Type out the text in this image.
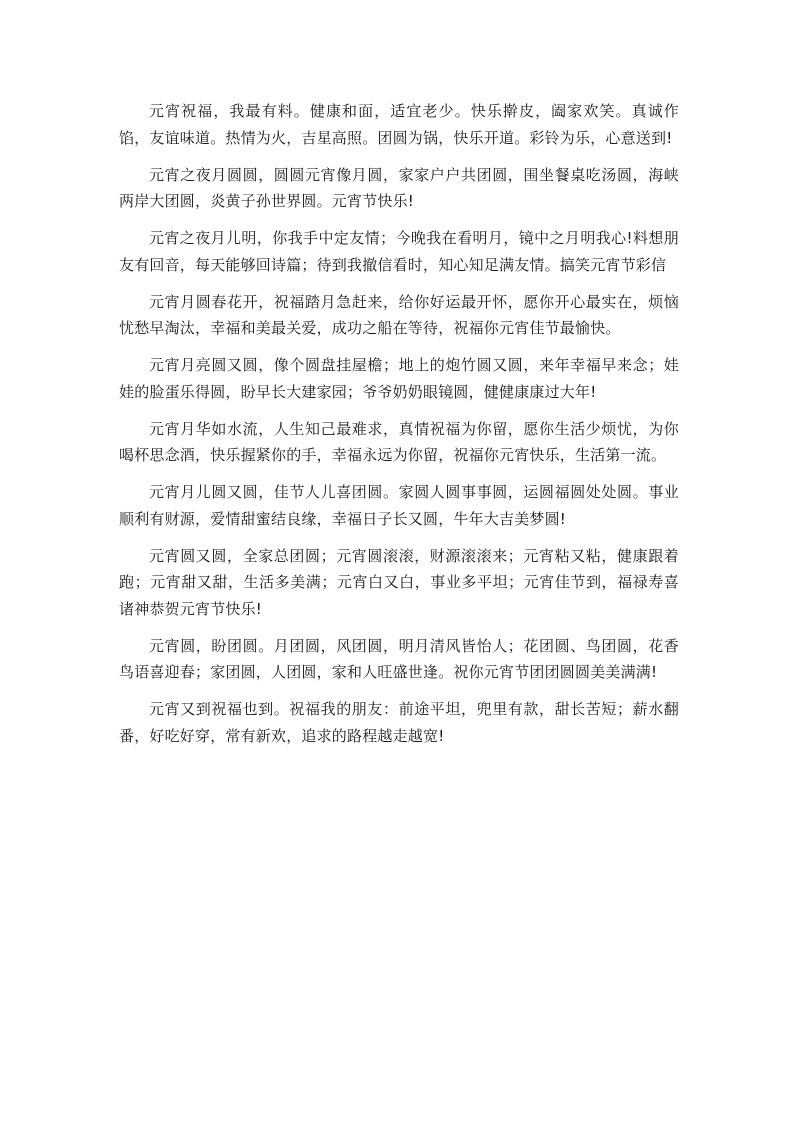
元宵祝福，我最有料。健康和面，适宜老少。快乐擀皮，阖家欢笑。真诚作馅，友谊味道。热情为火，吉星高照。团圆为锅，快乐开道。彩铃为乐，心意送到!

元宵之夜月圆圆，圆圆元宵像月圆，家家户户共团圆，围坐餐桌吃汤圆，海峡两岸大团圆，炎黄子孙世界圆。元宵节快乐!

元宵之夜月儿明，你我手中定友情；今晚我在看明月，镜中之月明我心!料想朋友有回音，每天能够回诗篇；待到我撤信看时，知心知足满友情。搞笑元宵节彩信

元宵月圆春花开，祝福踏月急赶来，给你好运最开怀，愿你开心最实在，烦恼忧愁早淘汰，幸福和美最关爱，成功之船在等待，祝福你元宵佳节最愉快。

元宵月亮圆又圆，像个圆盘挂屋檐；地上的炮竹圆又圆，来年幸福早来念；娃娃的脸蛋乐得圆，盼早长大建家园；爷爷奶奶眼镜圆，健健康康过大年!

元宵月华如水流，人生知己最难求，真情祝福为你留，愿你生活少烦忧，为你喝杯思念酒，快乐握紧你的手，幸福永远为你留，祝福你元宵快乐，生活第一流。

元宵月儿圆又圆，佳节人儿喜团圆。家圆人圆事事圆，运圆福圆处处圆。事业顺利有财源，爱情甜蜜结良缘，幸福日子长又圆，牛年大吉美梦圆!

元宵圆又圆，全家总团圆；元宵圆滚滚，财源滚滚来；元宵粘又粘，健康跟着跑；元宵甜又甜，生活多美满；元宵白又白，事业多平坦；元宵佳节到，福禄寿喜诸神恭贺元宵节快乐!

元宵圆，盼团圆。月团圆，风团圆，明月清风皆怡人；花团圆、鸟团圆，花香鸟语喜迎春；家团圆，人团圆，家和人旺盛世逢。祝你元宵节团团圆圆美美满满!

元宵又到祝福也到。祝福我的朋友：前途平坦，兜里有款，甜长苦短；薪水翻番，好吃好穿，常有新欢，追求的路程越走越宽!
